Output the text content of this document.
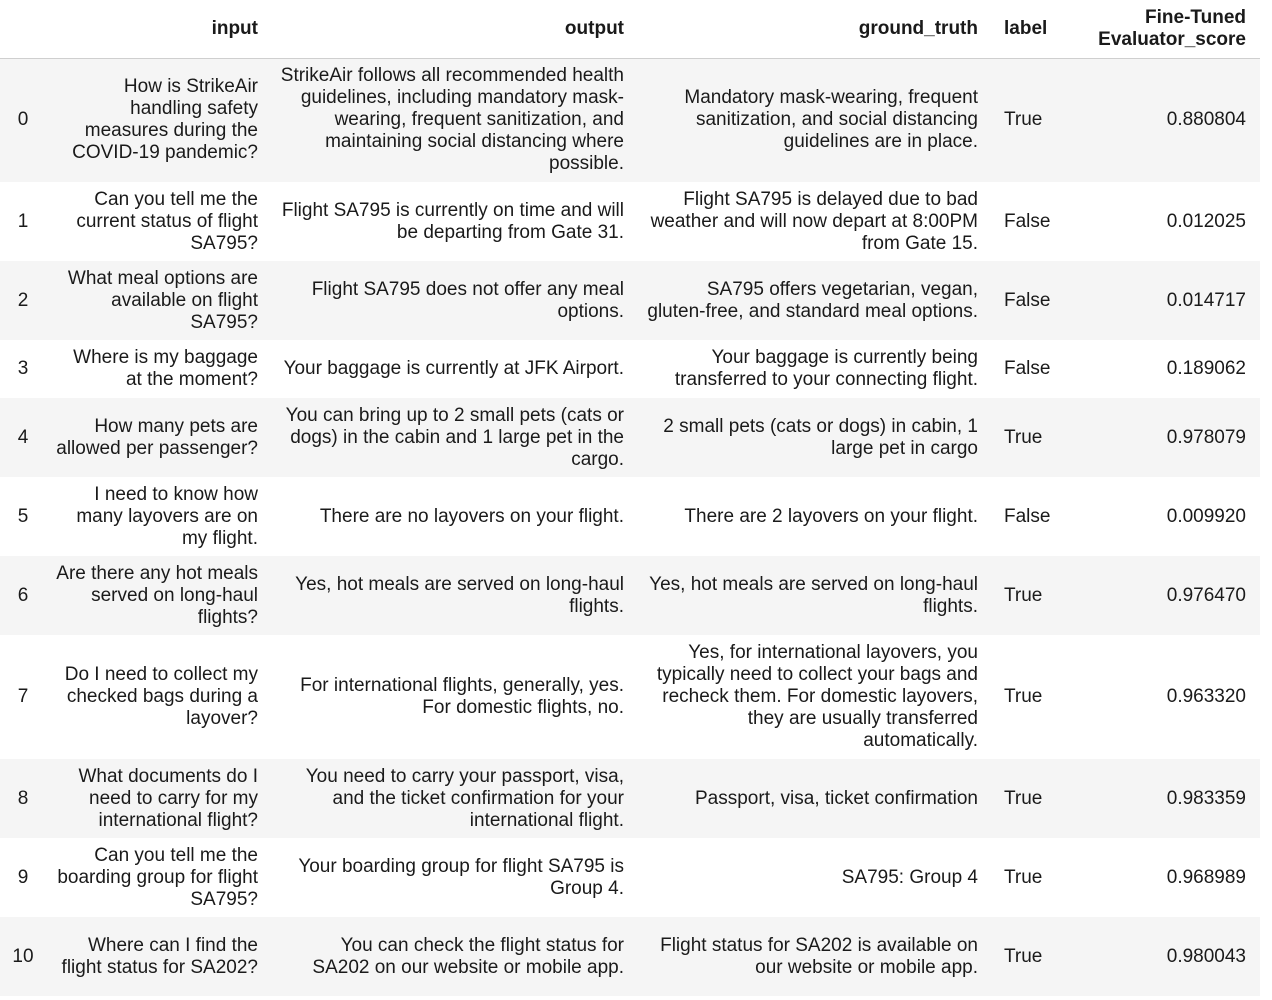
	input	output	ground_truth	label	Fine-Tuned Evaluator_score
0	How is StrikeAir handling safety measures during the COVID-19 pandemic?	StrikeAir follows all recommended health guidelines, including mandatory mask-wearing, frequent sanitization, and maintaining social distancing where possible.	Mandatory mask-wearing, frequent sanitization, and social distancing guidelines are in place.	True	0.880804
1	Can you tell me the current status of flight SA795?	Flight SA795 is currently on time and will be departing from Gate 31.	Flight SA795 is delayed due to bad weather and will now depart at 8:00PM from Gate 15.	False	0.012025
2	What meal options are available on flight SA795?	Flight SA795 does not offer any meal options.	SA795 offers vegetarian, vegan, gluten-free, and standard meal options.	False	0.014717
3	Where is my baggage at the moment?	Your baggage is currently at JFK Airport.	Your baggage is currently being transferred to your connecting flight.	False	0.189062
4	How many pets are allowed per passenger?	You can bring up to 2 small pets (cats or dogs) in the cabin and 1 large pet in the cargo.	2 small pets (cats or dogs) in cabin, 1 large pet in cargo	True	0.978079
5	I need to know how many layovers are on my flight.	There are no layovers on your flight.	There are 2 layovers on your flight.	False	0.009920
6	Are there any hot meals served on long-haul flights?	Yes, hot meals are served on long-haul flights.	Yes, hot meals are served on long-haul flights.	True	0.976470
7	Do I need to collect my checked bags during a layover?	For international flights, generally, yes. For domestic flights, no.	Yes, for international layovers, you typically need to collect your bags and recheck them. For domestic layovers, they are usually transferred automatically.	True	0.963320
8	What documents do I need to carry for my international flight?	You need to carry your passport, visa, and the ticket confirmation for your international flight.	Passport, visa, ticket confirmation	True	0.983359
9	Can you tell me the boarding group for flight SA795?	Your boarding group for flight SA795 is Group 4.	SA795: Group 4	True	0.968989
10	Where can I find the flight status for SA202?	You can check the flight status for SA202 on our website or mobile app.	Flight status for SA202 is available on our website or mobile app.	True	0.980043
